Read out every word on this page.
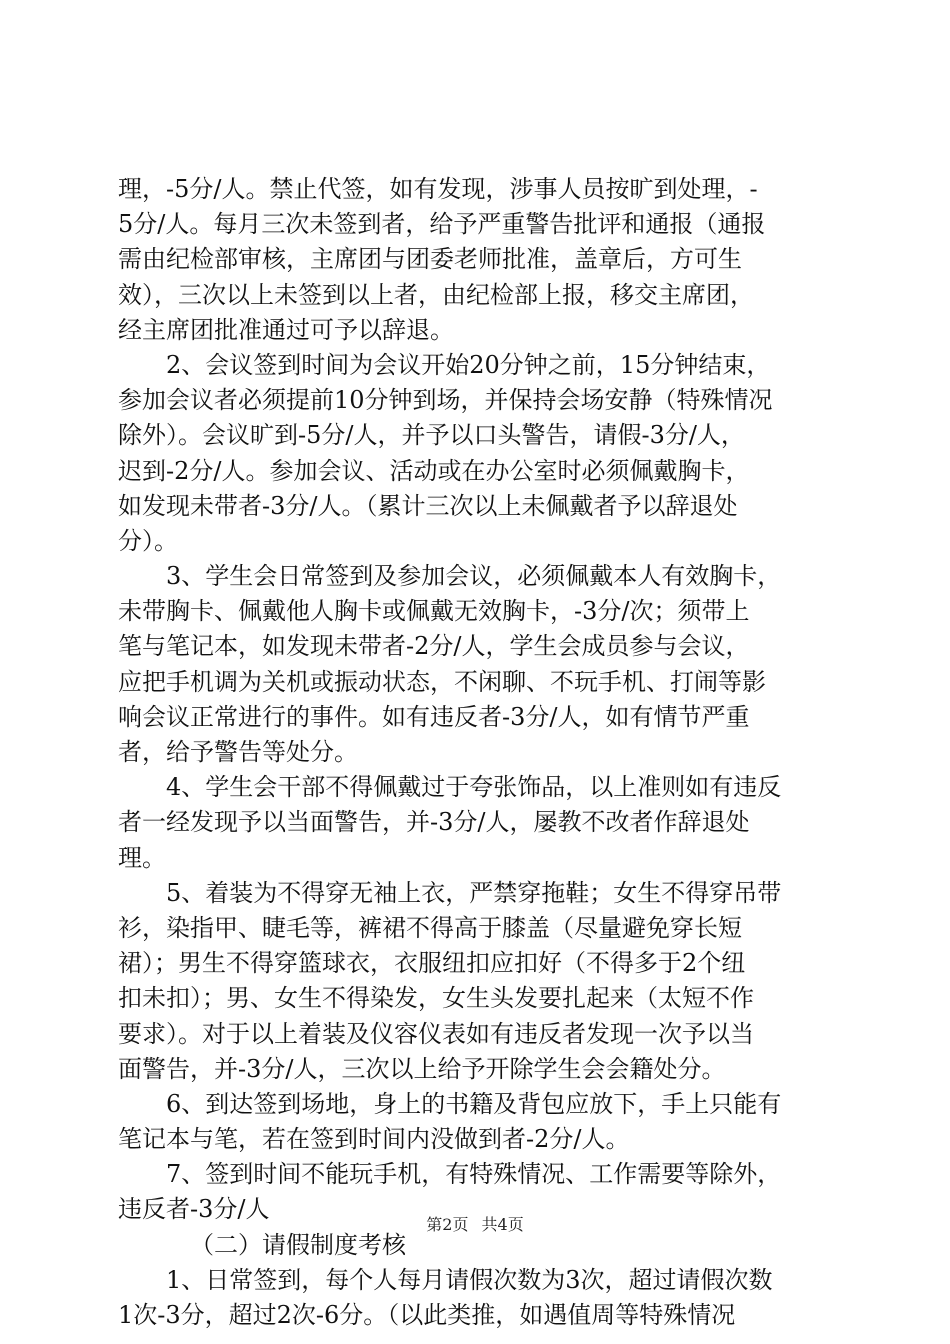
理，-5分/人。禁止代签，如有发现，涉事人员按旷到处理，-
5分/人。每月三次未签到者，给予严重警告批评和通报（通报
需由纪检部审核，主席团与团委老师批准，盖章后，方可生
效），三次以上未签到以上者，由纪检部上报，移交主席团，
经主席团批准通过可予以辞退。
2、会议签到时间为会议开始20分钟之前，15分钟结束，
参加会议者必须提前10分钟到场，并保持会场安静（特殊情况
除外）。会议旷到-5分/人，并予以口头警告，请假-3分/人，
迟到-2分/人。参加会议、活动或在办公室时必须佩戴胸卡，
如发现未带者-3分/人。（累计三次以上未佩戴者予以辞退处
分）。
3、学生会日常签到及参加会议，必须佩戴本人有效胸卡，
未带胸卡、佩戴他人胸卡或佩戴无效胸卡，-3分/次；须带上
笔与笔记本，如发现未带者-2分/人，学生会成员参与会议，
应把手机调为关机或振动状态，不闲聊、不玩手机、打闹等影
响会议正常进行的事件。如有违反者-3分/人，如有情节严重
者，给予警告等处分。
4、学生会干部不得佩戴过于夸张饰品，以上准则如有违反
者一经发现予以当面警告，并-3分/人，屡教不改者作辞退处
理。
5、着装为不得穿无袖上衣，严禁穿拖鞋；女生不得穿吊带
衫，染指甲、睫毛等，裤裙不得高于膝盖（尽量避免穿长短
裙）；男生不得穿篮球衣，衣服纽扣应扣好（不得多于2个纽
扣未扣）；男、女生不得染发，女生头发要扎起来（太短不作
要求）。对于以上着装及仪容仪表如有违反者发现一次予以当
面警告，并-3分/人，三次以上给予开除学生会会籍处分。
6、到达签到场地，身上的书籍及背包应放下，手上只能有
笔记本与笔，若在签到时间内没做到者-2分/人。
7、签到时间不能玩手机，有特殊情况、工作需要等除外，
违反者-3分/人
（二）请假制度考核
1、日常签到，每个人每月请假次数为3次，超过请假次数
1次-3分，超过2次-6分。（以此类推，如遇值周等特殊情况
第2页 共4页
